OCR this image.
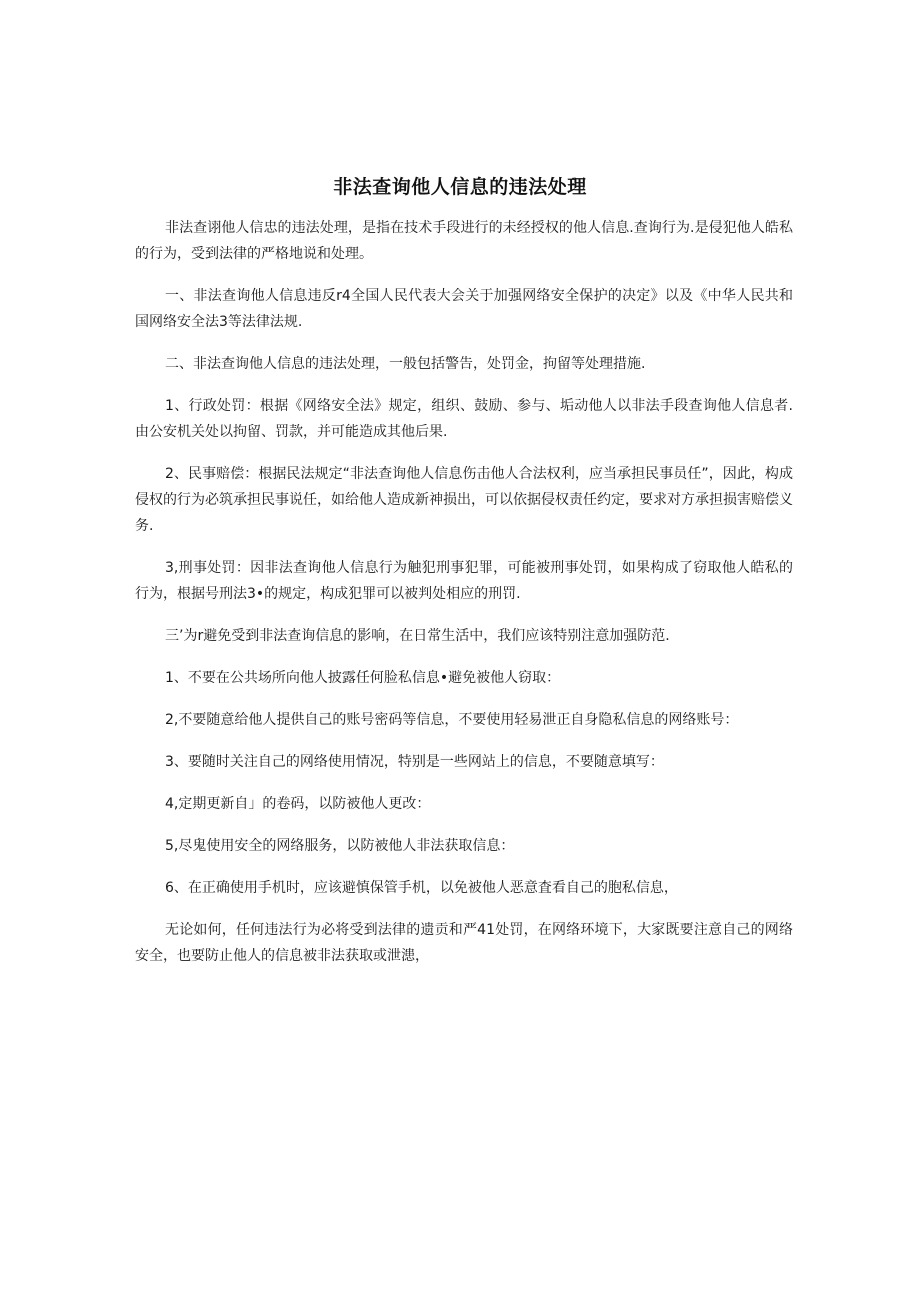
非法查询他人信息的违法处理

非法查诩他人信忠的违法处理，是指在技术手段进行的未经授权的他人信息.查询行为.是侵犯他人皓私的行为，受到法律的严格地说和处理。

一、非法查询他人信息违反r4全国人民代表大会关于加强网络安全保护的决定》以及《中华人民共和国网络安全法3等法律法规.

二、非法查询他人信息的违法处理，一般包括警告，处罚金，拘留等处理措施.

1、行政处罚：根据《网络安全法》规定，组织、鼓励、参与、垢动他人以非法手段查询他人信息者.由公安机关处以拘留、罚款，并可能造成其他后果.

2、民事赔偿：根据民法规定“非法查询他人信息伤击他人合法权利，应当承担民事员任”，因此，构成侵权的行为必筑承担民事说任，如给他人造成新神损出，可以依据侵权责任约定，要求对方承担损害赔偿义务.

3,刑事处罚：因非法查询他人信息行为触犯刑事犯罪，可能被刑事处罚，如果构成了窃取他人皓私的行为，根据号刑法3•的规定，构成犯罪可以被判处相应的刑罚.

三’为r避免受到非法查询信息的影响，在日常生活中，我们应该特别注意加强防范.

1、不要在公共场所向他人披露任何脸私信息•避免被他人窃取：

2,不要随意给他人提供自己的账号密码等信息，不要使用轻易泄正自身隐私信息的网络账号：

3、要随时关注自己的网络使用情况，特别是一些网站上的信息，不要随意填写：

4,定期更新自」的卷码，以防被他人更改：

5,尽鬼使用安全的网络服务，以防被他人非法获取信息：

6、在正确使用手机时，应该避慎保管手机，以免被他人恶意査看自己的胞私信息，

无论如何，任何违法行为必将受到法律的遗贡和严41处罚，在网络环境下，大家既要注意自己的网络安全，也要防止他人的信息被非法获取或泄漶，
